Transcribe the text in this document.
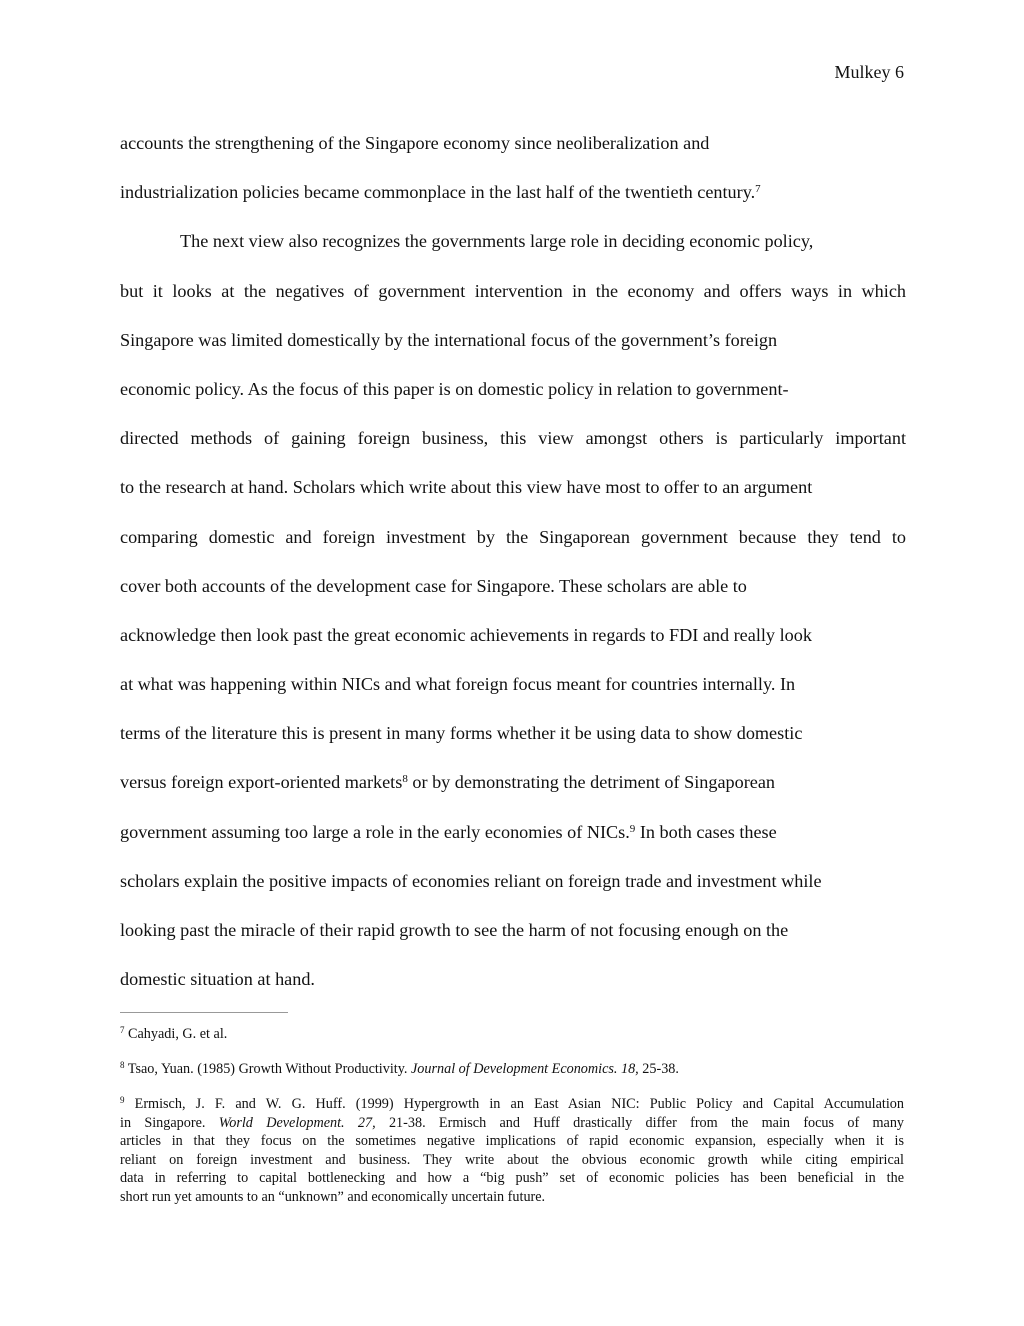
Mulkey 6
accounts the strengthening of the Singapore economy since neoliberalization and
industrialization policies became commonplace in the last half of the twentieth century.$^7$
The next view also recognizes the governments large role in deciding economic policy,
but it looks at the negatives of government intervention in the economy and offers ways in which
Singapore was limited domestically by the international focus of the government’s foreign
economic policy. As the focus of this paper is on domestic policy in relation to government-
directed methods of gaining foreign business, this view amongst others is particularly important
to the research at hand. Scholars which write about this view have most to offer to an argument
comparing domestic and foreign investment by the Singaporean government because they tend to
cover both accounts of the development case for Singapore. These scholars are able to
acknowledge then look past the great economic achievements in regards to FDI and really look
at what was happening within NICs and what foreign focus meant for countries internally. In
terms of the literature this is present in many forms whether it be using data to show domestic
versus foreign export-oriented markets$^8$ or by demonstrating the detriment of Singaporean
government assuming too large a role in the early economies of NICs.$^9$ In both cases these
scholars explain the positive impacts of economies reliant on foreign trade and investment while
looking past the miracle of their rapid growth to see the harm of not focusing enough on the
domestic situation at hand.
$^7$ Cahyadi, G. et al.
$^8$ Tsao, Yuan. (1985) Growth Without Productivity. Journal of Development Economics. 18, 25-38.
$^9$ Ermisch, J. F. and W. G. Huff. (1999) Hypergrowth in an East Asian NIC: Public Policy and Capital Accumulation
in Singapore. World Development. 27, 21-38. Ermisch and Huff drastically differ from the main focus of many
articles in that they focus on the sometimes negative implications of rapid economic expansion, especially when it is
reliant on foreign investment and business. They write about the obvious economic growth while citing empirical
data in referring to capital bottlenecking and how a “big push” set of economic policies has been beneficial in the
short run yet amounts to an “unknown” and economically uncertain future.
